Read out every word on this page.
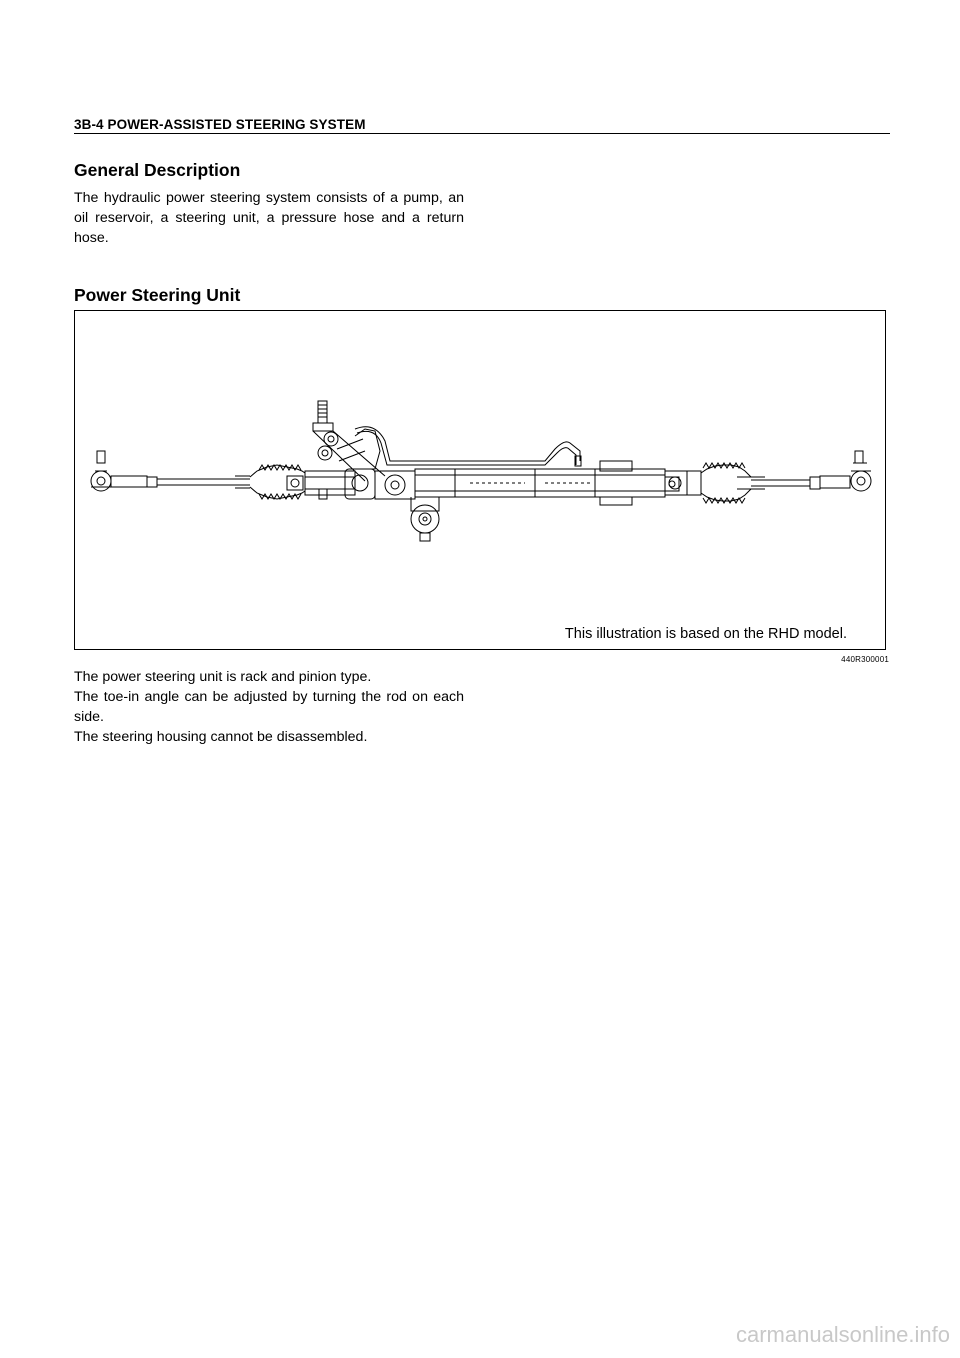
3B-4 POWER-ASSISTED STEERING SYSTEM
General Description
The hydraulic power steering system consists of a pump, an oil reservoir, a steering unit, a pressure hose and a return hose.
Power Steering Unit
This illustration is based on the RHD model.
440R300001

The power steering unit is rack and pinion type.

The toe-in angle can be adjusted by turning the rod on each side.

The steering housing cannot be disassembled.

carmanualsonline.info
